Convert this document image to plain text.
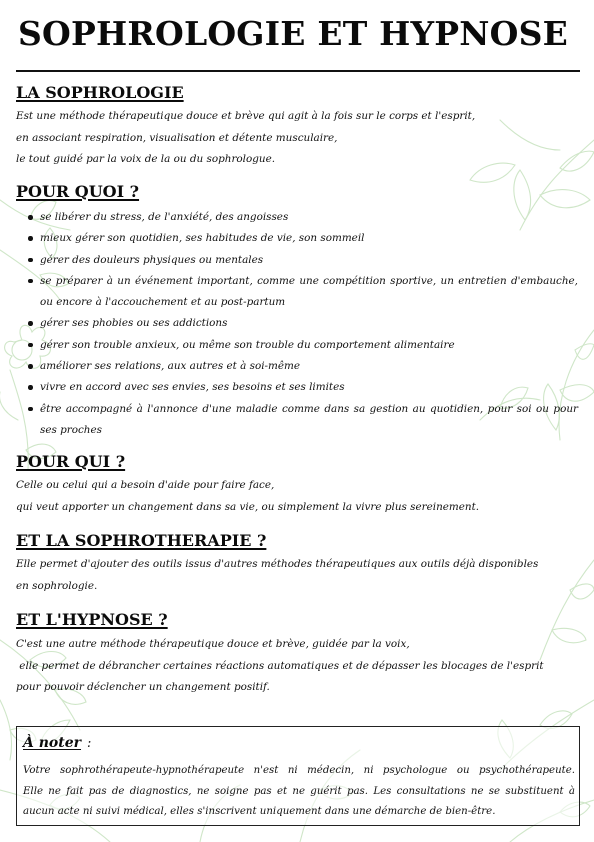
SOPHROLOGIE ET HYPNOSE
LA SOPHROLOGIE
Est une méthode thérapeutique douce et brève qui agit à la fois sur le corps et l'esprit,
en associant respiration, visualisation et détente musculaire,
le tout guidé par la voix de la ou du sophrologue.
POUR QUOI ?
se libérer du stress, de l'anxiété, des angoisses
mieux gérer son quotidien, ses habitudes de vie, son sommeil
gérer des douleurs physiques ou mentales
se préparer à un événement important, comme une compétition sportive, un entretien d'embauche, ou encore à l'accouchement et au post-partum
gérer ses phobies ou ses addictions
gérer son trouble anxieux, ou même son trouble du comportement alimentaire
améliorer ses relations, aux autres et à soi-même
vivre en accord avec ses envies, ses besoins et ses limites
être accompagné à l'annonce d'une maladie comme dans sa gestion au quotidien, pour soi ou pour ses proches
POUR QUI ?
Celle ou celui qui a besoin d'aide pour faire face,
qui veut apporter un changement dans sa vie, ou simplement la vivre plus sereinement.
ET LA SOPHROTHERAPIE ?
Elle permet d'ajouter des outils issus d'autres méthodes thérapeutiques aux outils déjà disponibles
en sophrologie.
ET L'HYPNOSE ?
C'est une autre méthode thérapeutique douce et brève, guidée par la voix,
elle permet de débrancher certaines réactions automatiques et de dépasser les blocages de l'esprit
pour pouvoir déclencher un changement positif.
À noter :
Votre sophrothérapeute-hypnothérapeute n'est ni médecin, ni psychologue ou psychothérapeute.
Elle ne fait pas de diagnostics, ne soigne pas et ne guérit pas. Les consultations ne se substituent à
aucun acte ni suivi médical, elles s'inscrivent uniquement dans une démarche de bien-être.
